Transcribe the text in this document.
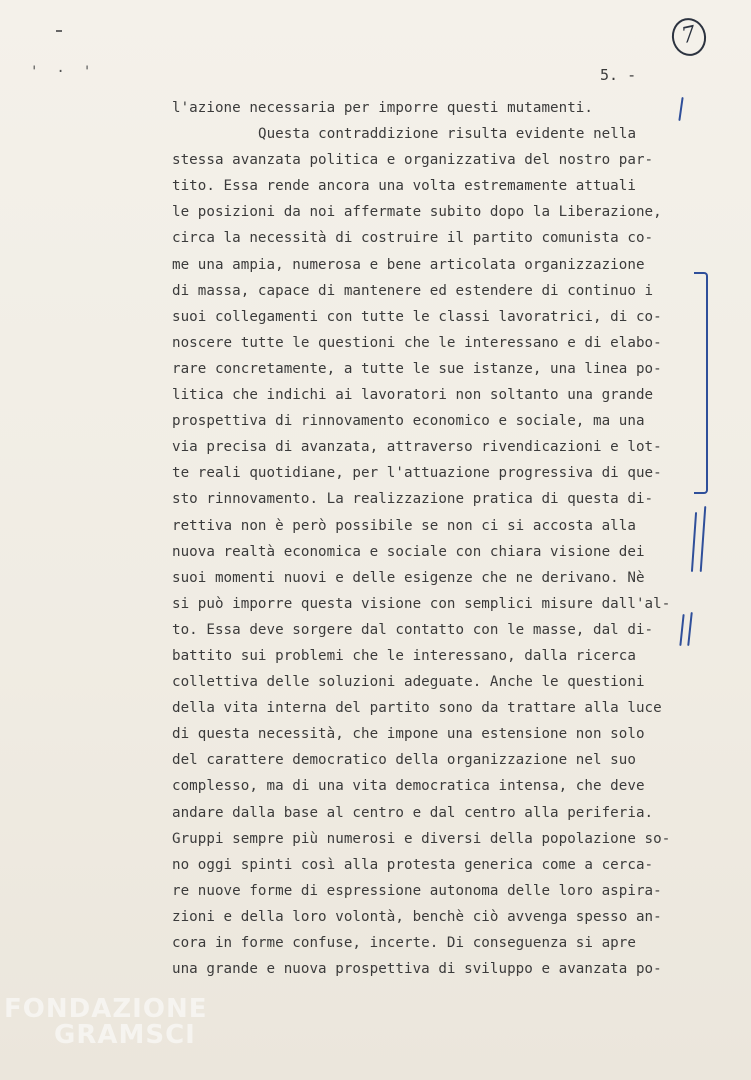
'·'	5. -
7
l'azione necessaria per imporre questi mutamenti.
Questa contraddizione risulta evidente nella
stessa avanzata politica e organizzativa del nostro par-
tito. Essa rende ancora una volta estremamente attuali
le posizioni da noi affermate subito dopo la Liberazione,
circa la necessità di costruire il partito comunista co-
me una ampia, numerosa e bene articolata organizzazione
di massa, capace di mantenere ed estendere di continuo i
suoi collegamenti con tutte le classi lavoratrici, di co-
noscere tutte le questioni che le interessano e di elabo-
rare concretamente, a tutte le sue istanze, una linea po-
litica che indichi ai lavoratori non soltanto una grande
prospettiva di rinnovamento economico e sociale, ma una
via precisa di avanzata, attraverso rivendicazioni e lot-
te reali quotidiane, per l'attuazione progressiva di que-
sto rinnovamento. La realizzazione pratica di questa di-
rettiva non è però possibile se non ci si accosta alla
nuova realtà economica e sociale con chiara visione dei
suoi momenti nuovi e delle esigenze che ne derivano. Nè
si può imporre questa visione con semplici misure dall'al-
to. Essa deve sorgere dal contatto con le masse, dal di-
battito sui problemi che le interessano, dalla ricerca
collettiva delle soluzioni adeguate. Anche le questioni
della vita interna del partito sono da trattare alla luce
di questa necessità, che impone una estensione non solo
del carattere democratico della organizzazione nel suo
complesso, ma di una vita democratica intensa, che deve
andare dalla base al centro e dal centro alla periferia.
Gruppi sempre più numerosi e diversi della popolazione so-
no oggi spinti così alla protesta generica come a cerca-
re nuove forme di espressione autonoma delle loro aspira-
zioni e della loro volontà, benchè ciò avvenga spesso an-
cora in forme confuse, incerte. Di conseguenza si apre
una grande e nuova prospettiva di sviluppo e avanzata po-
FONDAZIONE
GRAMSCI
